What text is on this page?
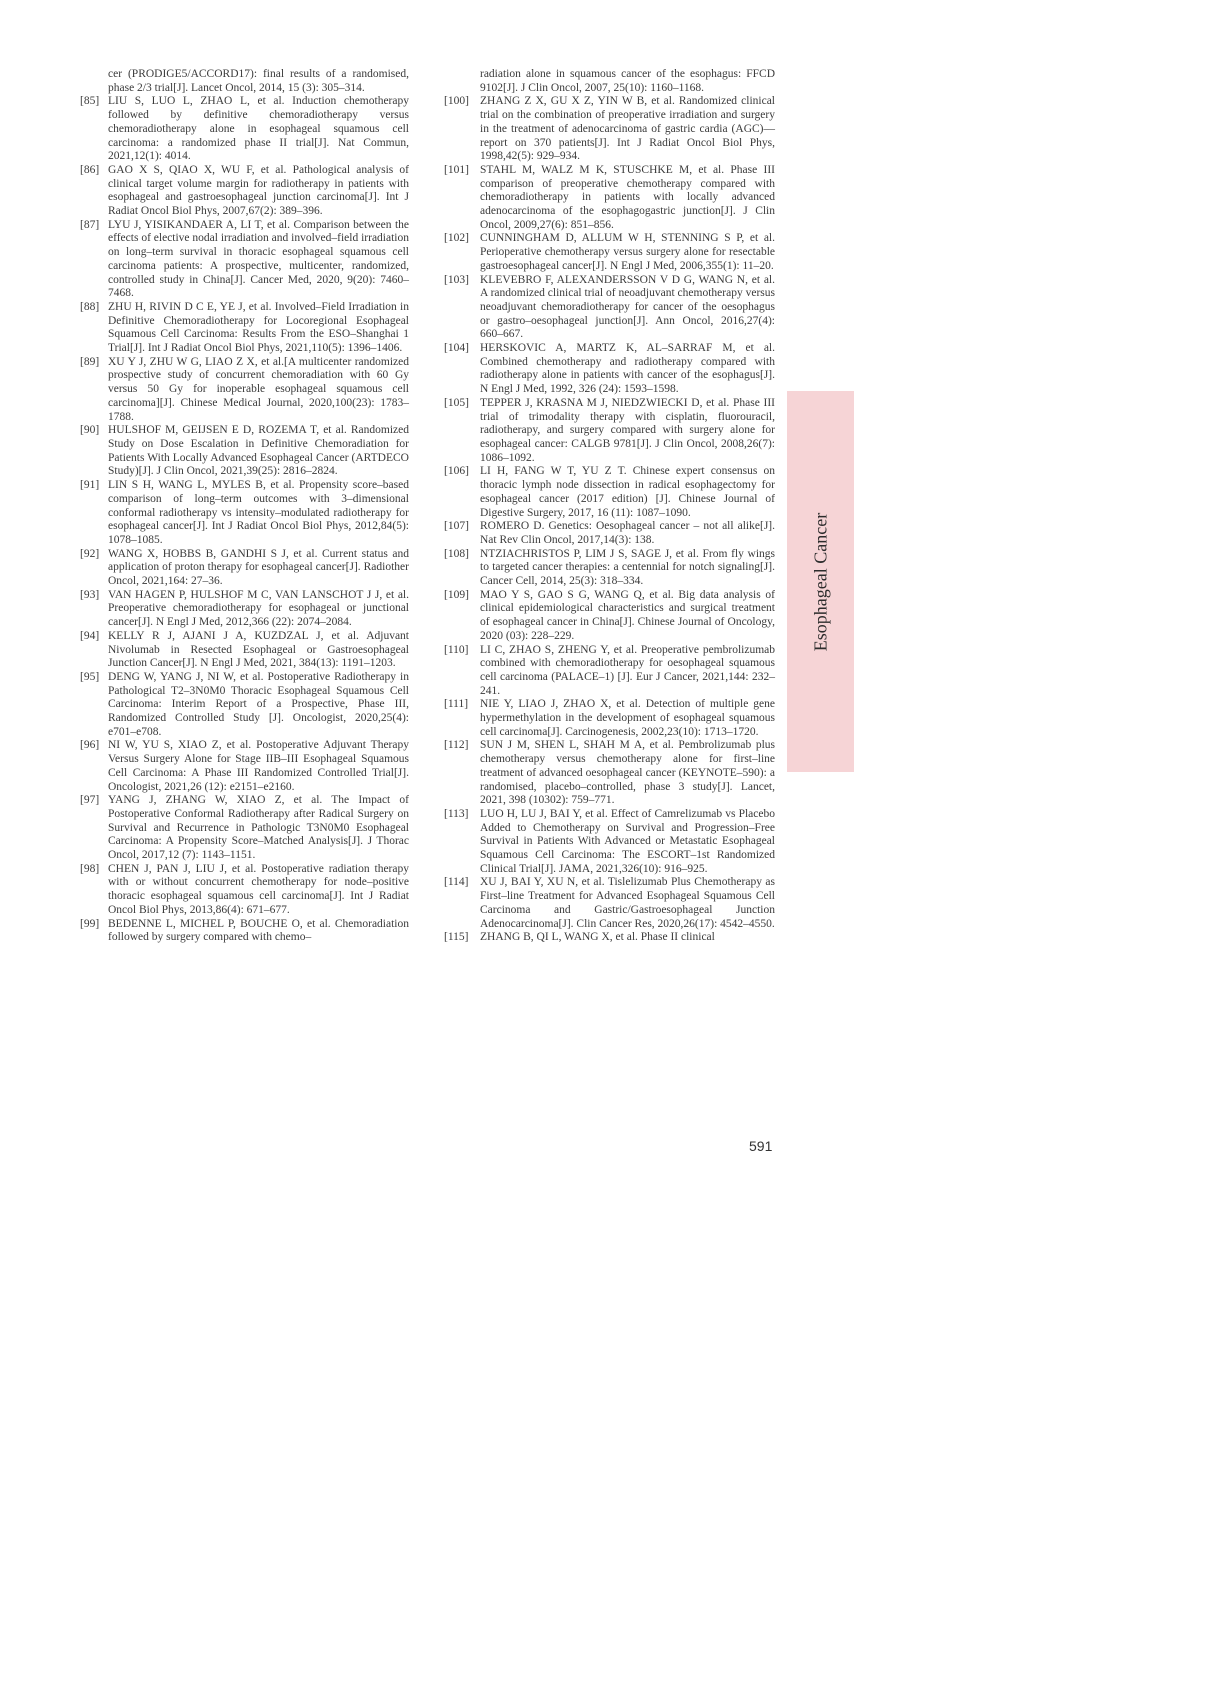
cer (PRODIGE5/ACCORD17): final results of a randomised, phase 2/3 trial[J]. Lancet Oncol, 2014, 15 (3): 305–314.
[85] LIU S, LUO L, ZHAO L, et al. Induction chemotherapy followed by definitive chemoradiotherapy versus chemoradiotherapy alone in esophageal squamous cell carcinoma: a randomized phase II trial[J]. Nat Commun, 2021,12(1): 4014.
[86] GAO X S, QIAO X, WU F, et al. Pathological analysis of clinical target volume margin for radiotherapy in patients with esophageal and gastroesophageal junction carcinoma[J]. Int J Radiat Oncol Biol Phys, 2007,67(2): 389–396.
[87] LYU J, YISIKANDAER A, LI T, et al. Comparison between the effects of elective nodal irradiation and involved–field irradiation on long–term survival in thoracic esophageal squamous cell carcinoma patients: A prospective, multicenter, randomized, controlled study in China[J]. Cancer Med, 2020, 9(20): 7460–7468.
[88] ZHU H, RIVIN D C E, YE J, et al. Involved–Field Irradiation in Definitive Chemoradiotherapy for Locoregional Esophageal Squamous Cell Carcinoma: Results From the ESO–Shanghai 1 Trial[J]. Int J Radiat Oncol Biol Phys, 2021,110(5): 1396–1406.
[89] XU Y J, ZHU W G, LIAO Z X, et al.[A multicenter randomized prospective study of concurrent chemoradiation with 60 Gy versus 50 Gy for inoperable esophageal squamous cell carcinoma][J]. Chinese Medical Journal, 2020,100(23): 1783–1788.
[90] HULSHOF M, GEIJSEN E D, ROZEMA T, et al. Randomized Study on Dose Escalation in Definitive Chemoradiation for Patients With Locally Advanced Esophageal Cancer (ARTDECO Study)[J]. J Clin Oncol, 2021,39(25): 2816–2824.
[91] LIN S H, WANG L, MYLES B, et al. Propensity score–based comparison of long–term outcomes with 3–dimensional conformal radiotherapy vs intensity–modulated radiotherapy for esophageal cancer[J]. Int J Radiat Oncol Biol Phys, 2012,84(5): 1078–1085.
[92] WANG X, HOBBS B, GANDHI S J, et al. Current status and application of proton therapy for esophageal cancer[J]. Radiother Oncol, 2021,164: 27–36.
[93] VAN HAGEN P, HULSHOF M C, VAN LANSCHOT J J, et al. Preoperative chemoradiotherapy for esophageal or junctional cancer[J]. N Engl J Med, 2012,366 (22): 2074–2084.
[94] KELLY R J, AJANI J A, KUZDZAL J, et al. Adjuvant Nivolumab in Resected Esophageal or Gastroesophageal Junction Cancer[J]. N Engl J Med, 2021, 384(13): 1191–1203.
[95] DENG W, YANG J, NI W, et al. Postoperative Radiotherapy in Pathological T2–3N0M0 Thoracic Esophageal Squamous Cell Carcinoma: Interim Report of a Prospective, Phase III, Randomized Controlled Study [J]. Oncologist, 2020,25(4): e701–e708.
[96] NI W, YU S, XIAO Z, et al. Postoperative Adjuvant Therapy Versus Surgery Alone for Stage IIB–III Esophageal Squamous Cell Carcinoma: A Phase III Randomized Controlled Trial[J]. Oncologist, 2021,26 (12): e2151–e2160.
[97] YANG J, ZHANG W, XIAO Z, et al. The Impact of Postoperative Conformal Radiotherapy after Radical Surgery on Survival and Recurrence in Pathologic T3N0M0 Esophageal Carcinoma: A Propensity Score–Matched Analysis[J]. J Thorac Oncol, 2017,12 (7): 1143–1151.
[98] CHEN J, PAN J, LIU J, et al. Postoperative radiation therapy with or without concurrent chemotherapy for node–positive thoracic esophageal squamous cell carcinoma[J]. Int J Radiat Oncol Biol Phys, 2013,86(4): 671–677.
[99] BEDENNE L, MICHEL P, BOUCHE O, et al. Chemoradiation followed by surgery compared with chemo–
radiation alone in squamous cancer of the esophagus: FFCD 9102[J]. J Clin Oncol, 2007, 25(10): 1160–1168.
[100] ZHANG Z X, GU X Z, YIN W B, et al. Randomized clinical trial on the combination of preoperative irradiation and surgery in the treatment of adenocarcinoma of gastric cardia (AGC)––report on 370 patients[J]. Int J Radiat Oncol Biol Phys, 1998,42(5): 929–934.
[101] STAHL M, WALZ M K, STUSCHKE M, et al. Phase III comparison of preoperative chemotherapy compared with chemoradiotherapy in patients with locally advanced adenocarcinoma of the esophagogastric junction[J]. J Clin Oncol, 2009,27(6): 851–856.
[102] CUNNINGHAM D, ALLUM W H, STENNING S P, et al. Perioperative chemotherapy versus surgery alone for resectable gastroesophageal cancer[J]. N Engl J Med, 2006,355(1): 11–20.
[103] KLEVEBRO F, ALEXANDERSSON V D G, WANG N, et al. A randomized clinical trial of neoadjuvant chemotherapy versus neoadjuvant chemoradiotherapy for cancer of the oesophagus or gastro–oesophageal junction[J]. Ann Oncol, 2016,27(4): 660–667.
[104] HERSKOVIC A, MARTZ K, AL–SARRAF M, et al. Combined chemotherapy and radiotherapy compared with radiotherapy alone in patients with cancer of the esophagus[J]. N Engl J Med, 1992, 326 (24): 1593–1598.
[105] TEPPER J, KRASNA M J, NIEDZWIECKI D, et al. Phase III trial of trimodality therapy with cisplatin, fluorouracil, radiotherapy, and surgery compared with surgery alone for esophageal cancer: CALGB 9781[J]. J Clin Oncol, 2008,26(7): 1086–1092.
[106] LI H, FANG W T, YU Z T. Chinese expert consensus on thoracic lymph node dissection in radical esophagectomy for esophageal cancer (2017 edition) [J]. Chinese Journal of Digestive Surgery, 2017, 16 (11): 1087–1090.
[107] ROMERO D. Genetics: Oesophageal cancer – not all alike[J]. Nat Rev Clin Oncol, 2017,14(3): 138.
[108] NTZIACHRISTOS P, LIM J S, SAGE J, et al. From fly wings to targeted cancer therapies: a centennial for notch signaling[J]. Cancer Cell, 2014, 25(3): 318–334.
[109] MAO Y S, GAO S G, WANG Q, et al. Big data analysis of clinical epidemiological characteristics and surgical treatment of esophageal cancer in China[J]. Chinese Journal of Oncology, 2020 (03): 228–229.
[110] LI C, ZHAO S, ZHENG Y, et al. Preoperative pembrolizumab combined with chemoradiotherapy for oesophageal squamous cell carcinoma (PALACE–1) [J]. Eur J Cancer, 2021,144: 232–241.
[111] NIE Y, LIAO J, ZHAO X, et al. Detection of multiple gene hypermethylation in the development of esophageal squamous cell carcinoma[J]. Carcinogenesis, 2002,23(10): 1713–1720.
[112] SUN J M, SHEN L, SHAH M A, et al. Pembrolizumab plus chemotherapy versus chemotherapy alone for first–line treatment of advanced oesophageal cancer (KEYNOTE–590): a randomised, placebo–controlled, phase 3 study[J]. Lancet, 2021, 398 (10302): 759–771.
[113] LUO H, LU J, BAI Y, et al. Effect of Camrelizumab vs Placebo Added to Chemotherapy on Survival and Progression–Free Survival in Patients With Advanced or Metastatic Esophageal Squamous Cell Carcinoma: The ESCORT–1st Randomized Clinical Trial[J]. JAMA, 2021,326(10): 916–925.
[114] XU J, BAI Y, XU N, et al. Tislelizumab Plus Chemotherapy as First–line Treatment for Advanced Esophageal Squamous Cell Carcinoma and Gastric/Gastroesophageal Junction Adenocarcinoma[J]. Clin Cancer Res, 2020,26(17): 4542–4550.
[115] ZHANG B, QI L, WANG X, et al. Phase II clinical
Esophageal Cancer
591
